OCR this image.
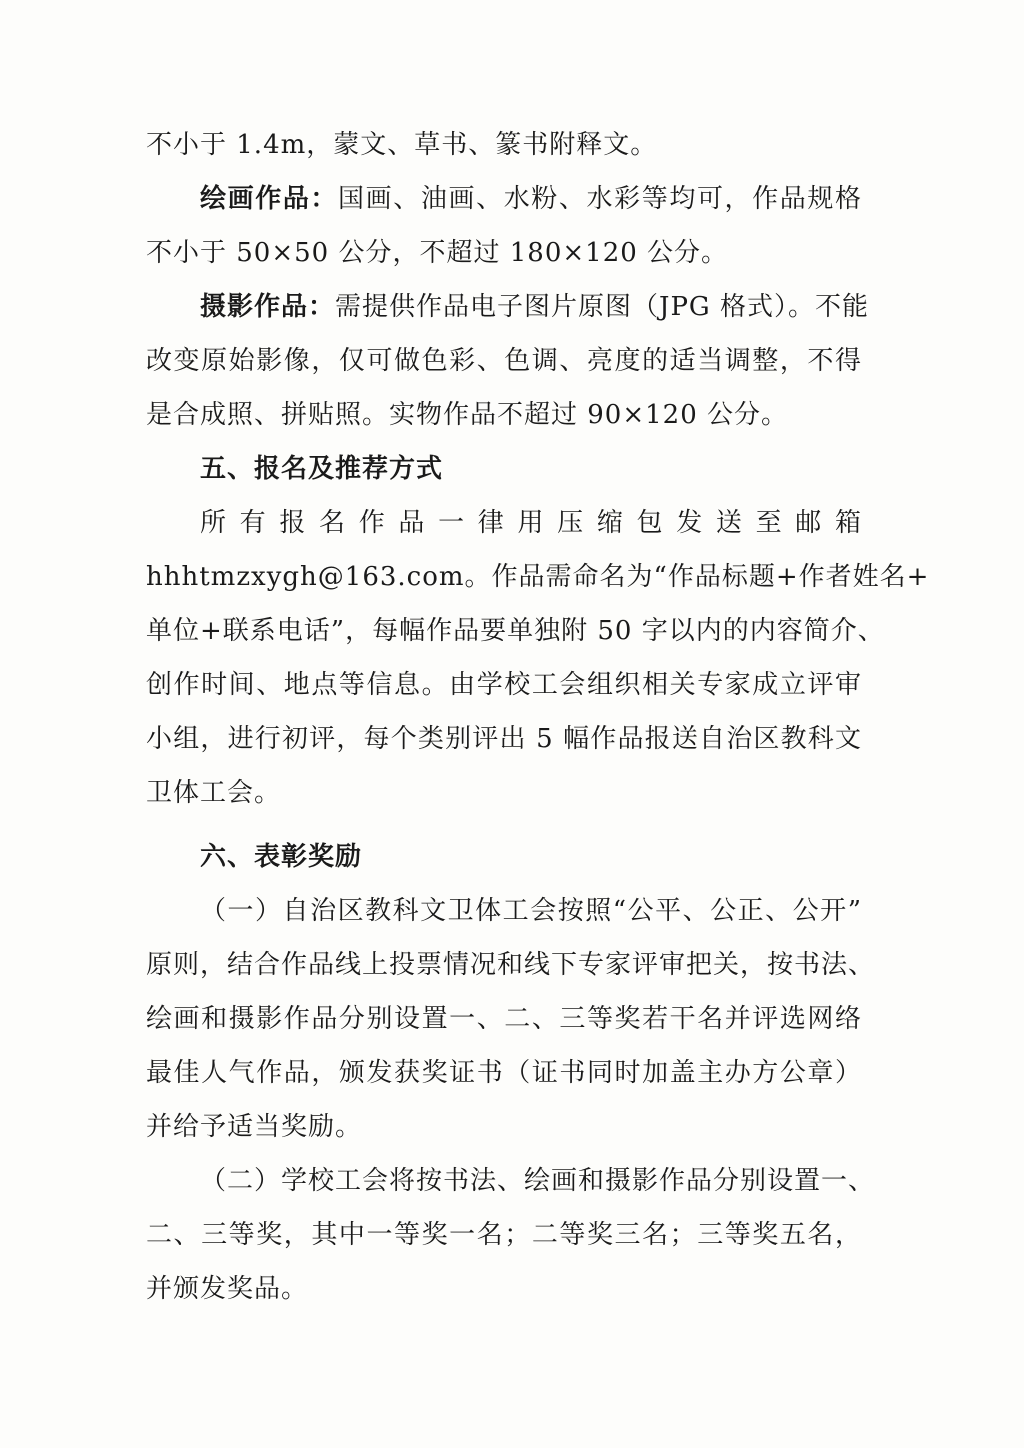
不小于 1.4m，蒙文、草书、篆书附释文。
绘画作品：国画、油画、水粉、水彩等均可，作品规格
不小于 50×50 公分，不超过 180×120 公分。
摄影作品：需提供作品电子图片原图（JPG 格式）。不能
改变原始影像，仅可做色彩、色调、亮度的适当调整，不得
是合成照、拼贴照。实物作品不超过 90×120 公分。
五、报名及推荐方式
所有报名作品一律用压缩包发送至邮箱
hhhtmzxygh@163.com。作品需命名为“作品标题+作者姓名+
单位+联系电话”，每幅作品要单独附 50 字以内的内容简介、
创作时间、地点等信息。由学校工会组织相关专家成立评审
小组，进行初评，每个类别评出 5 幅作品报送自治区教科文
卫体工会。
六、表彰奖励
（一）自治区教科文卫体工会按照“公平、公正、公开”
原则，结合作品线上投票情况和线下专家评审把关，按书法、
绘画和摄影作品分别设置一、二、三等奖若干名并评选网络
最佳人气作品，颁发获奖证书（证书同时加盖主办方公章）
并给予适当奖励。
（二）学校工会将按书法、绘画和摄影作品分别设置一、
二、三等奖，其中一等奖一名；二等奖三名；三等奖五名，
并颁发奖品。
